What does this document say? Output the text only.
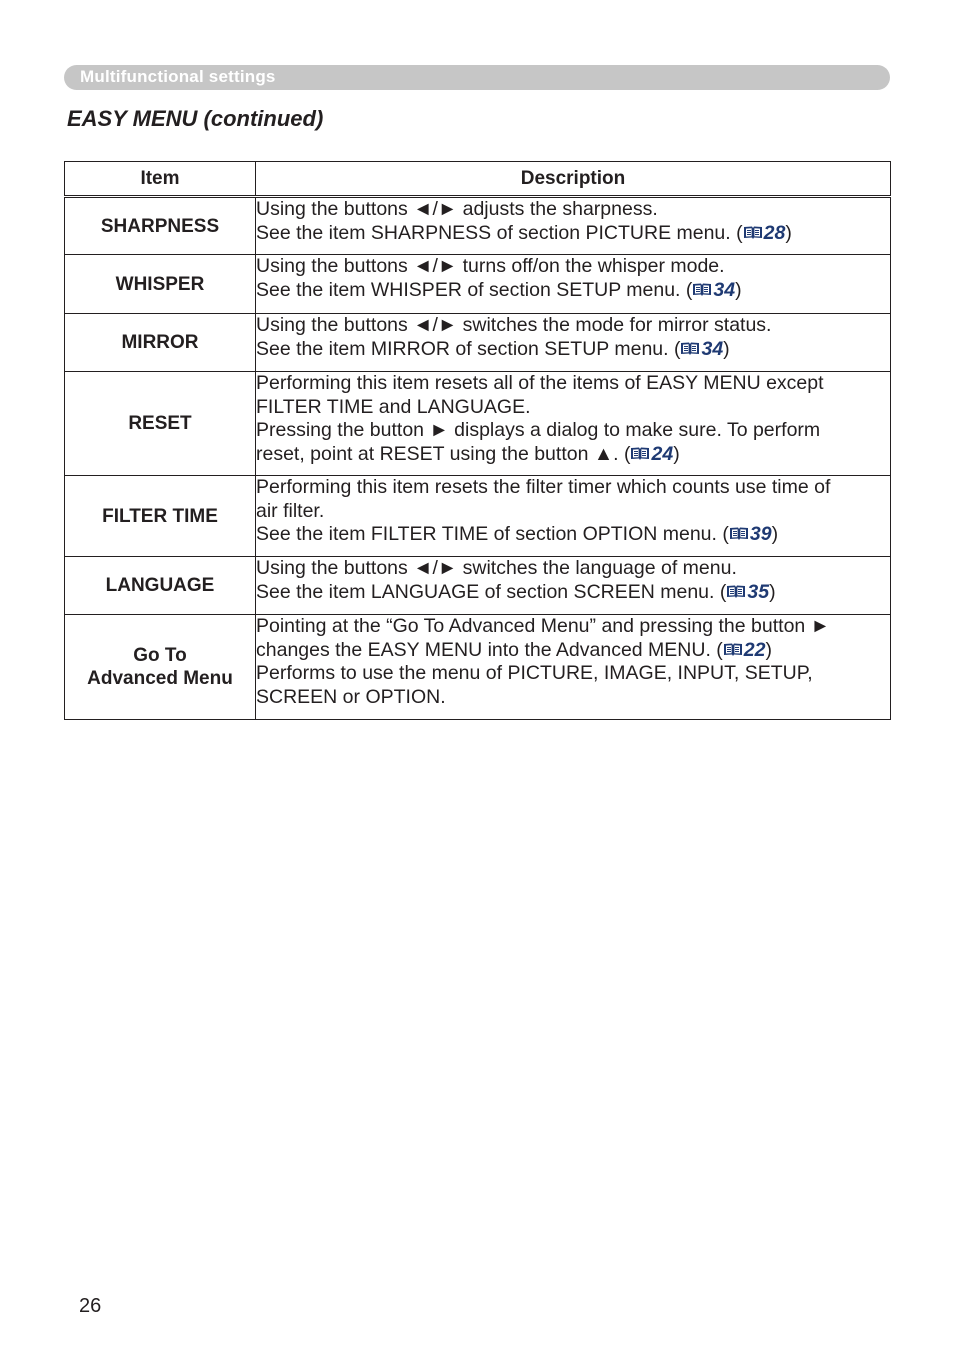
Multifunctional settings
EASY MENU (continued)
Item	Description
SHARPNESS	Using the buttons ◄/► adjusts the sharpness.
See the item SHARPNESS of section PICTURE menu. ( 28)

WHISPER	Using the buttons ◄/► turns off/on the whisper mode.
See the item WHISPER of section SETUP menu. ( 34)

MIRROR	Using the buttons ◄/► switches the mode for mirror status.
See the item MIRROR of section SETUP menu. ( 34)

RESET	Performing this item resets all of the items of EASY MENU except
FILTER TIME and LANGUAGE.
Pressing the button ► displays a dialog to make sure. To perform
reset, point at RESET using the button ▲. ( 24)

FILTER TIME	Performing this item resets the filter timer which counts use time of
air filter.
See the item FILTER TIME of section OPTION menu. ( 39)

LANGUAGE	Using the buttons ◄/► switches the language of menu.
See the item LANGUAGE of section SCREEN menu. ( 35)

Go To
Advanced Menu	Pointing at the “Go To Advanced Menu” and pressing the button ►
changes the EASY MENU into the Advanced MENU. ( 22)
Performs to use the menu of PICTURE, IMAGE, INPUT, SETUP,
SCREEN or OPTION.
26
